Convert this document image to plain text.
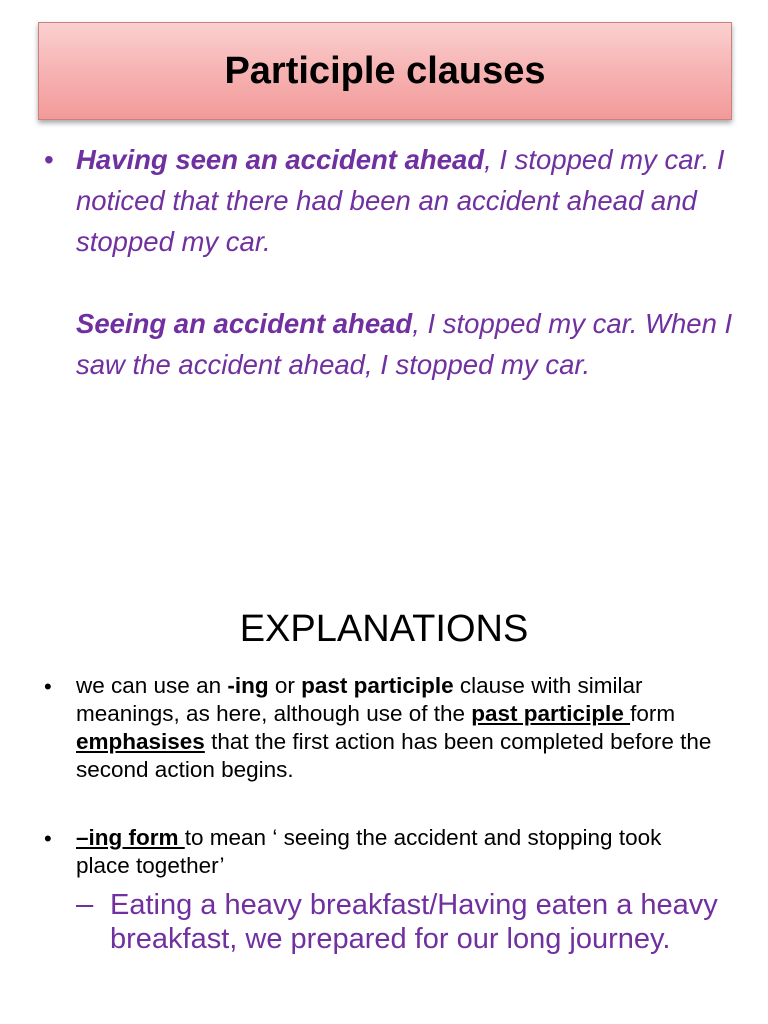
Participle clauses
• Having seen an accident ahead, I stopped my car. I noticed that there had been an accident ahead and stopped my car.
Seeing an accident ahead, I stopped my car. When I saw the accident ahead, I stopped my car.
EXPLANATIONS
• we can use an -ing or past participle clause with similar meanings, as here, although use of the past participle form emphasises that the first action has been completed before the second action begins.
• –ing form to mean ‘ seeing the accident and stopping took place together’
– Eating a heavy breakfast/Having eaten a heavy breakfast, we prepared for our long journey.
